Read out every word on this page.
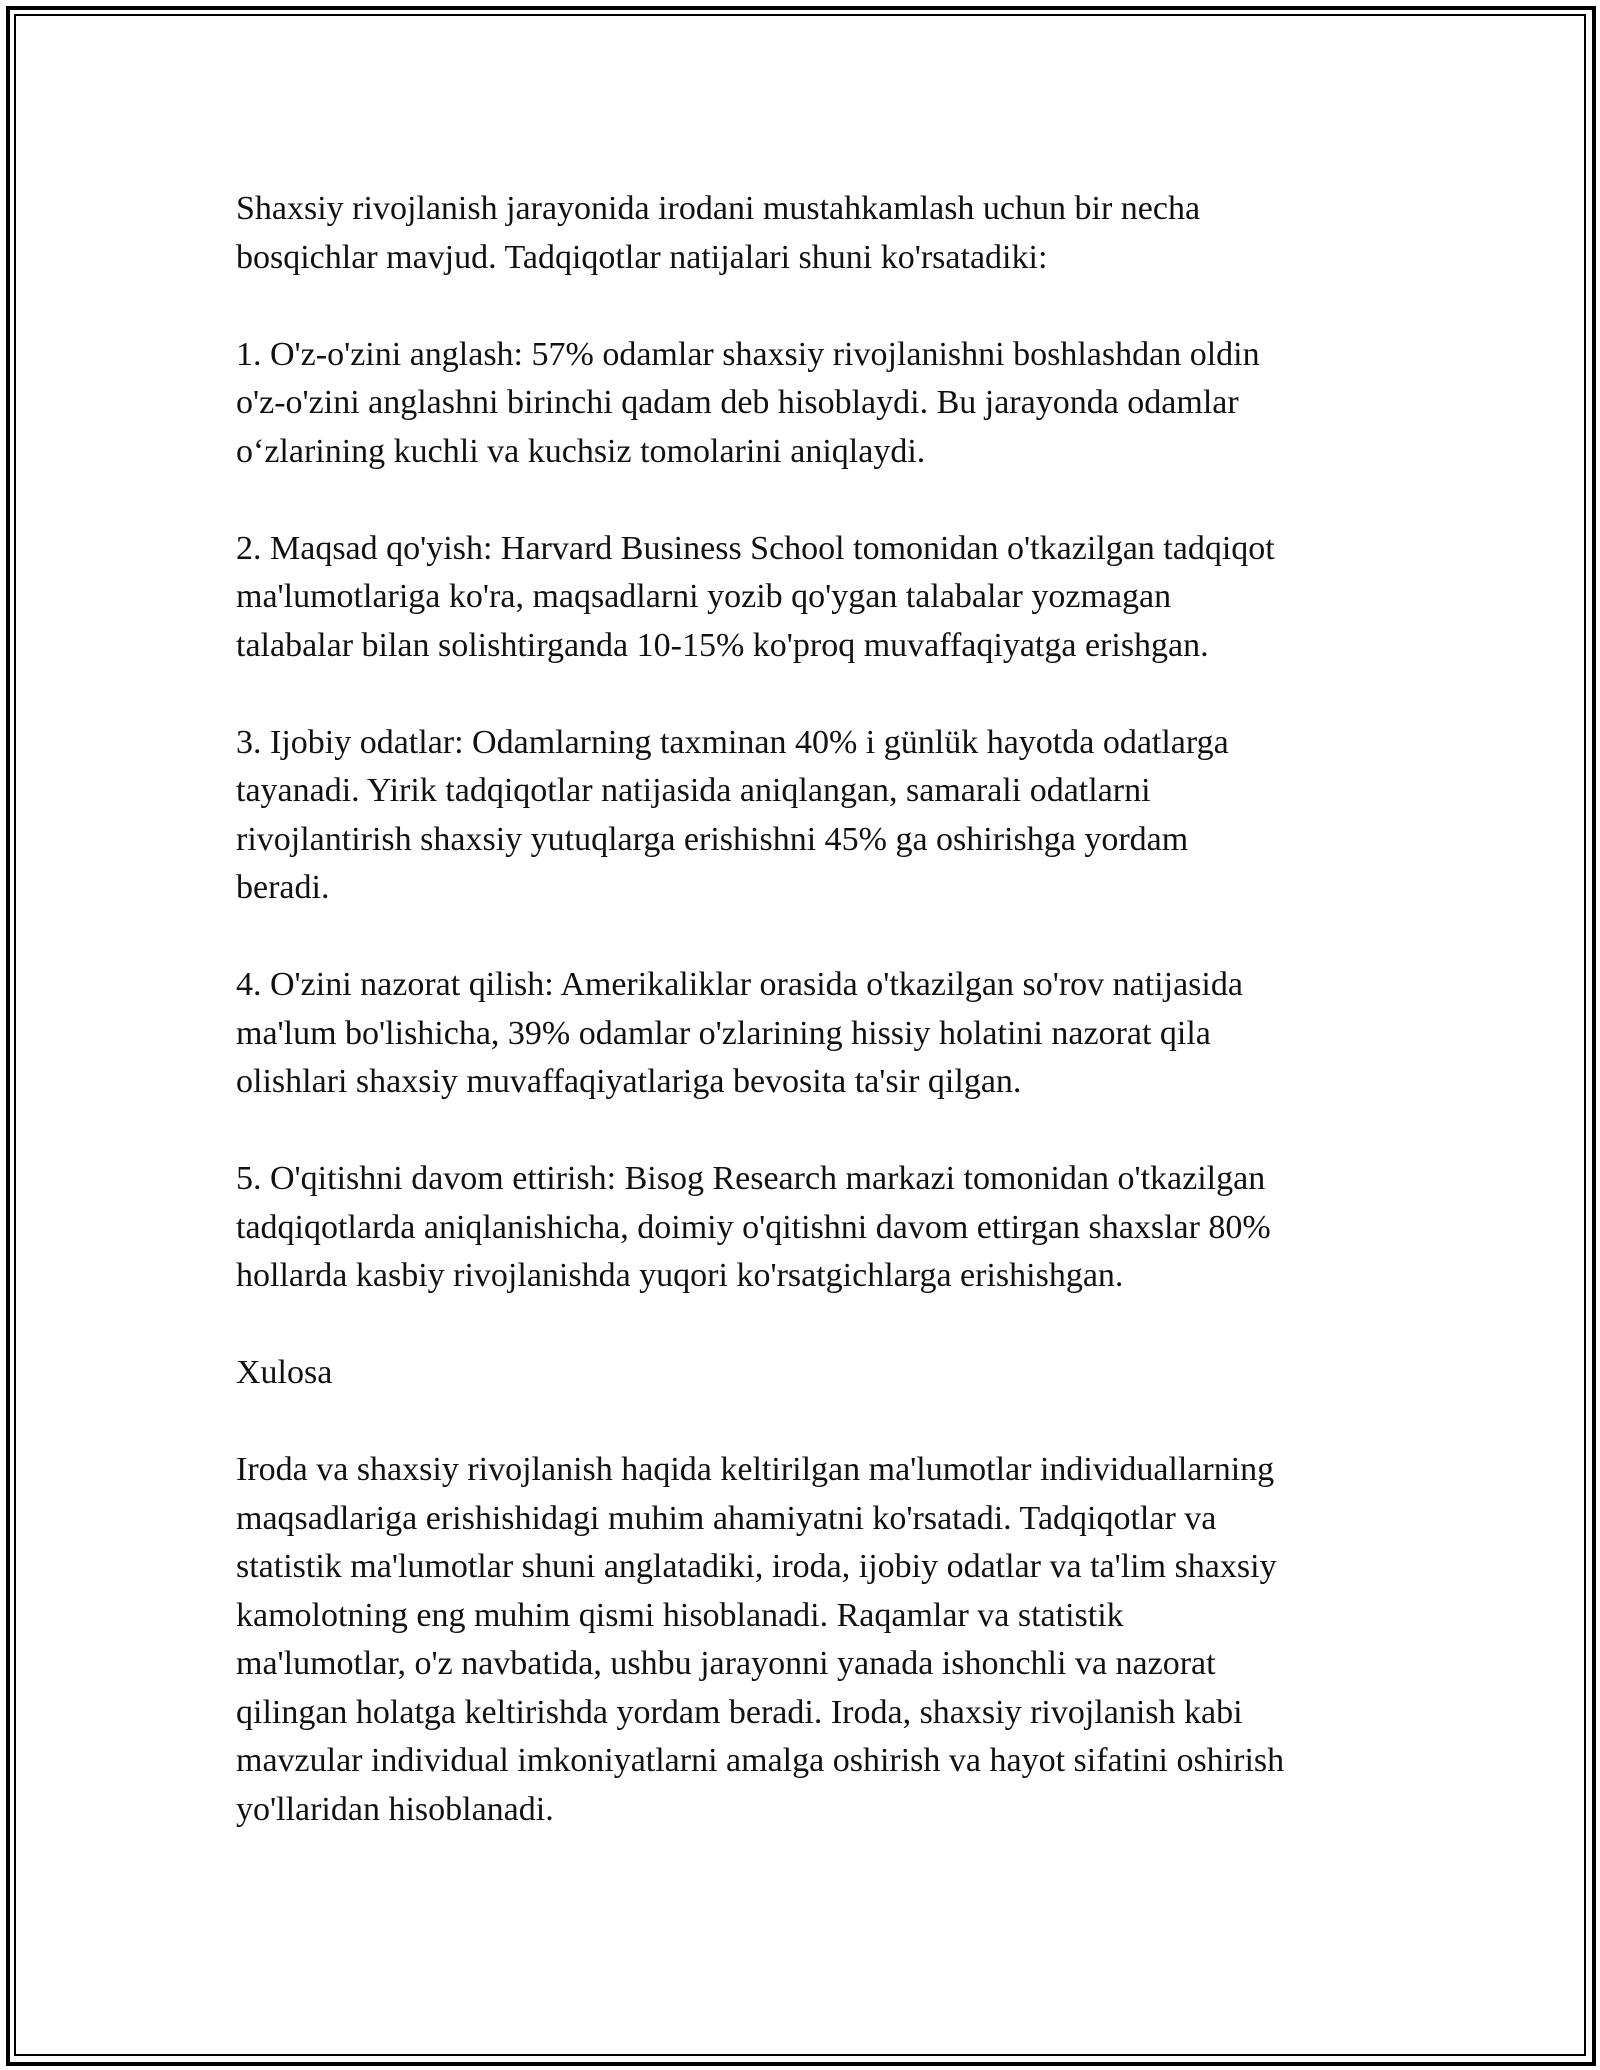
Shaxsiy rivojlanish jarayonida irodani mustahkamlash uchun bir necha
bosqichlar mavjud. Tadqiqotlar natijalari shuni ko'rsatadiki:

1. O'z-o'zini anglash: 57% odamlar shaxsiy rivojlanishni boshlashdan oldin
o'z-o'zini anglashni birinchi qadam deb hisoblaydi. Bu jarayonda odamlar
o‘zlarining kuchli va kuchsiz tomolarini aniqlaydi.

2. Maqsad qo'yish: Harvard Business School tomonidan o'tkazilgan tadqiqot
ma'lumotlariga ko'ra, maqsadlarni yozib qo'ygan talabalar yozmagan
talabalar bilan solishtirganda 10-15% ko'proq muvaffaqiyatga erishgan.

3. Ijobiy odatlar: Odamlarning taxminan 40% i günlük hayotda odatlarga
tayanadi. Yirik tadqiqotlar natijasida aniqlangan, samarali odatlarni
rivojlantirish shaxsiy yutuqlarga erishishni 45% ga oshirishga yordam
beradi.

4. O'zini nazorat qilish: Amerikaliklar orasida o'tkazilgan so'rov natijasida
ma'lum bo'lishicha, 39% odamlar o'zlarining hissiy holatini nazorat qila
olishlari shaxsiy muvaffaqiyatlariga bevosita ta'sir qilgan.

5. O'qitishni davom ettirish: Bisog Research markazi tomonidan o'tkazilgan
tadqiqotlarda aniqlanishicha, doimiy o'qitishni davom ettirgan shaxslar 80%
hollarda kasbiy rivojlanishda yuqori ko'rsatgichlarga erishishgan.

Xulosa

Iroda va shaxsiy rivojlanish haqida keltirilgan ma'lumotlar individuallarning
maqsadlariga erishishidagi muhim ahamiyatni ko'rsatadi. Tadqiqotlar va
statistik ma'lumotlar shuni anglatadiki, iroda, ijobiy odatlar va ta'lim shaxsiy
kamolotning eng muhim qismi hisoblanadi. Raqamlar va statistik
ma'lumotlar, o'z navbatida, ushbu jarayonni yanada ishonchli va nazorat
qilingan holatga keltirishda yordam beradi. Iroda, shaxsiy rivojlanish kabi
mavzular individual imkoniyatlarni amalga oshirish va hayot sifatini oshirish
yo'llaridan hisoblanadi.
